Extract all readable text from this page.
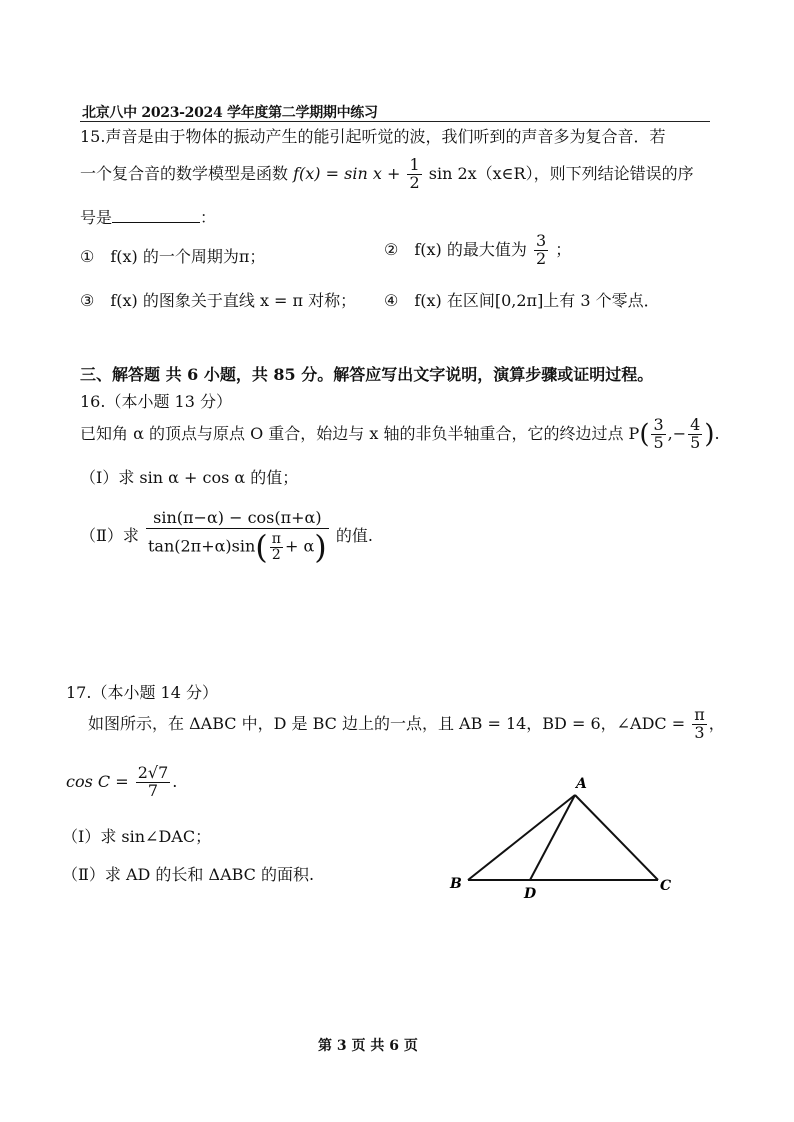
北京八中 2023-2024 学年度第二学期期中练习
15.声音是由于物体的振动产生的能引起听觉的波，我们听到的声音多为复合音．若
一个复合音的数学模型是函数 $f(x) = \sin x + \frac{1}{2}$ sin 2x（x∈R），则下列结论错误的序
号是	：
①　f(x) 的一个周期为π；	②　f(x) 的最大值为 $\frac{3}{2}$ ；
③　f(x) 的图象关于直线 x = π 对称； ④　f(x) 在区间[0,2π]上有 3 个零点．
三、解答题 共 6 小题，共 85 分。解答应写出文字说明，演算步骤或证明过程。
16.（本小题 13 分）
已知角 α 的顶点与原点 O 重合，始边与 x 轴的非负半轴重合，它的终边过点 $P( \frac{3}{5}$ ,− $\frac{4}{5}$ ).
（Ⅰ）求 sin α + cos α 的值；
（Ⅱ）求 $\frac{\sin(\pi-\alpha) - \cos(\pi+\alpha)}{\tan(2\pi+\alpha)\sin( \frac{\pi}{2} + \alpha)}$ 的值.
17.（本小题 14 分）
如图所示，在 ΔABC 中，D 是 BC 边上的一点，且 AB = 14，BD = 6，∠ADC = $\frac{\pi}{3}$ ，
$\cos C = \frac{2√7}{7}$ .
（Ⅰ）求 sin∠DAC；
（Ⅱ）求 AD 的长和 ΔABC 的面积.
A
B	C
D
第 3 页 共 6 页
